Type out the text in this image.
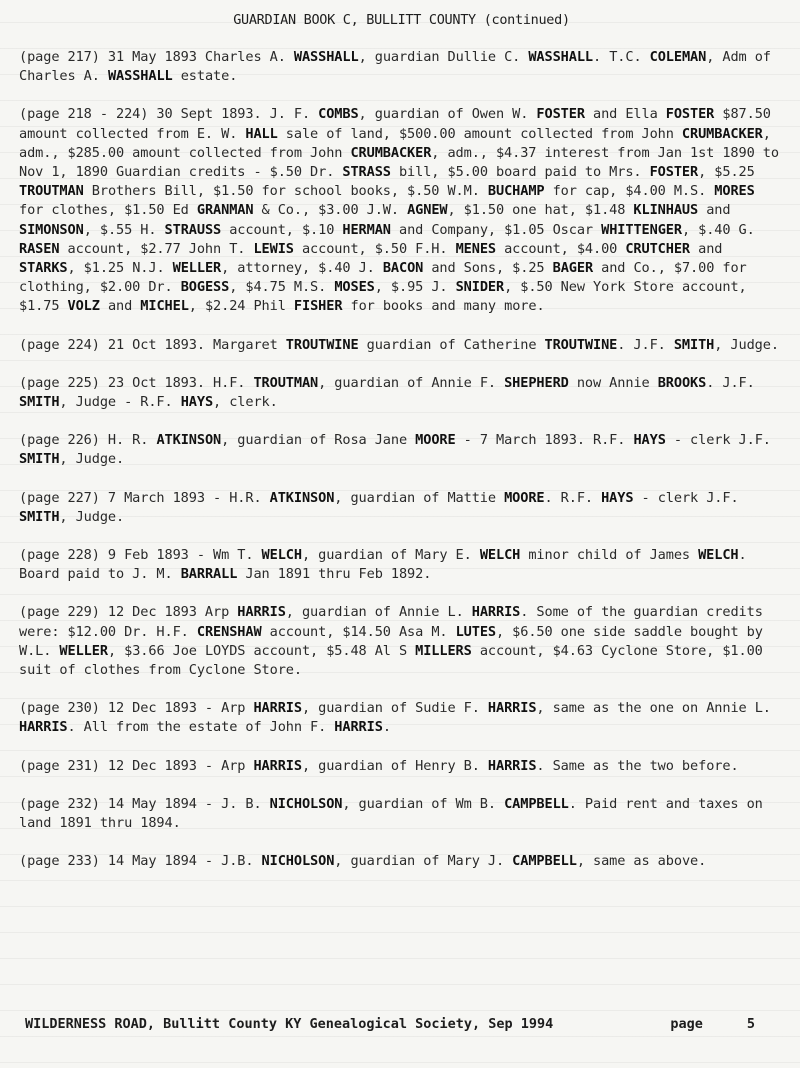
GUARDIAN BOOK C, BULLITT COUNTY (continued)

(page 217) 31 May 1893 Charles A. WASSHALL, guardian Dullie C. WASSHALL. T.C. COLEMAN, Adm of Charles A. WASSHALL estate.

(page 218 - 224) 30 Sept 1893. J. F. COMBS, guardian of Owen W. FOSTER and Ella FOSTER $87.50 amount collected from E. W. HALL sale of land, $500.00 amount collected from John CRUMBACKER, adm., $285.00 amount collected from John CRUMBACKER, adm., $4.37 interest from Jan 1st 1890 to Nov 1, 1890 Guardian credits - $.50 Dr. STRASS bill, $5.00 board paid to Mrs. FOSTER, $5.25 TROUTMAN Brothers Bill, $1.50 for school books, $.50 W.M. BUCHAMP for cap, $4.00 M.S. MORES for clothes, $1.50 Ed GRANMAN & Co., $3.00 J.W. AGNEW, $1.50 one hat, $1.48 KLINHAUS and SIMONSON, $.55 H. STRAUSS account, $.10 HERMAN and Company, $1.05 Oscar WHITTENGER, $.40 G. RASEN account, $2.77 John T. LEWIS account, $.50 F.H. MENES account, $4.00 CRUTCHER and STARKS, $1.25 N.J. WELLER, attorney, $.40 J. BACON and Sons, $.25 BAGER and Co., $7.00 for clothing, $2.00 Dr. BOGESS, $4.75 M.S. MOSES, $.95 J. SNIDER, $.50 New York Store account, $1.75 VOLZ and MICHEL, $2.24 Phil FISHER for books and many more.

(page 224) 21 Oct 1893. Margaret TROUTWINE guardian of Catherine TROUTWINE. J.F. SMITH, Judge.

(page 225) 23 Oct 1893. H.F. TROUTMAN, guardian of Annie F. SHEPHERD now Annie BROOKS. J.F. SMITH, Judge - R.F. HAYS, clerk.

(page 226) H. R. ATKINSON, guardian of Rosa Jane MOORE - 7 March 1893. R.F. HAYS - clerk J.F. SMITH, Judge.

(page 227) 7 March 1893 - H.R. ATKINSON, guardian of Mattie MOORE. R.F. HAYS - clerk J.F. SMITH, Judge.

(page 228) 9 Feb 1893 - Wm T. WELCH, guardian of Mary E. WELCH minor child of James WELCH. Board paid to J. M. BARRALL Jan 1891 thru Feb 1892.

(page 229) 12 Dec 1893 Arp HARRIS, guardian of Annie L. HARRIS. Some of the guardian credits were: $12.00 Dr. H.F. CRENSHAW account, $14.50 Asa M. LUTES, $6.50 one side saddle bought by W.L. WELLER, $3.66 Joe LOYDS account, $5.48 Al S MILLERS account, $4.63 Cyclone Store, $1.00 suit of clothes from Cyclone Store.

(page 230) 12 Dec 1893 - Arp HARRIS, guardian of Sudie F. HARRIS, same as the one on Annie L. HARRIS. All from the estate of John F. HARRIS.

(page 231) 12 Dec 1893 - Arp HARRIS, guardian of Henry B. HARRIS. Same as the two before.

(page 232) 14 May 1894 - J. B. NICHOLSON, guardian of Wm B. CAMPBELL. Paid rent and taxes on land 1891 thru 1894.

(page 233) 14 May 1894 - J.B. NICHOLSON, guardian of Mary J. CAMPBELL, same as above.

WILDERNESS ROAD, Bullitt County KY Genealogical Society, Sep 1994	page	5
